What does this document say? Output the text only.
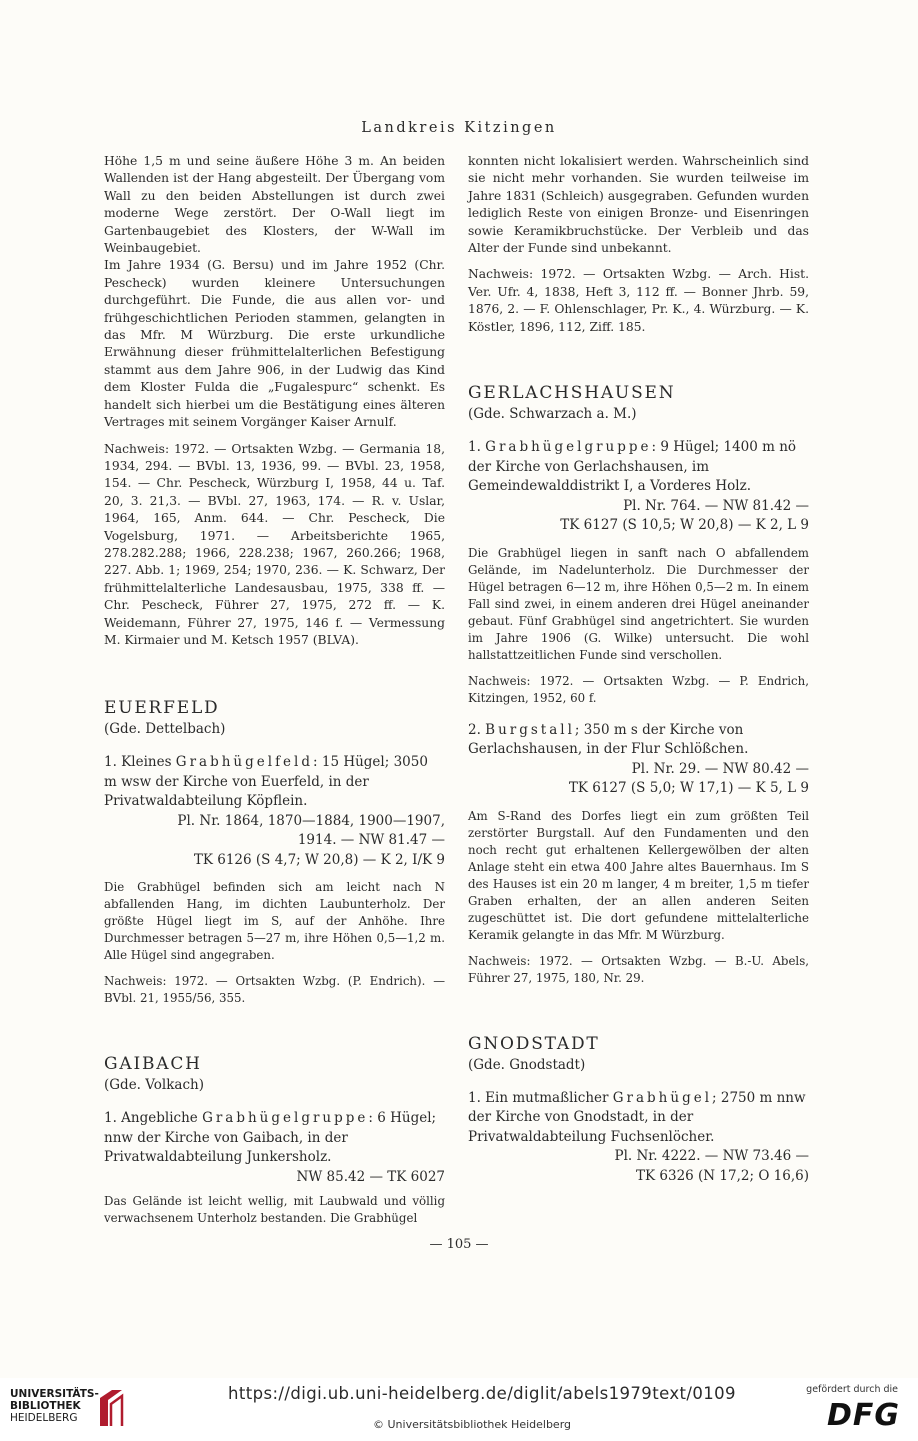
Landkreis Kitzingen

Höhe 1,5 m und seine äußere Höhe 3 m. An beiden Wallenden ist der Hang abgesteilt. Der Übergang vom Wall zu den beiden Abstellungen ist durch zwei moderne Wege zerstört. Der O-Wall liegt im Gartenbaugebiet des Klosters, der W-Wall im Weinbaugebiet.

Im Jahre 1934 (G. Bersu) und im Jahre 1952 (Chr. Pescheck) wurden kleinere Untersuchungen durchgeführt. Die Funde, die aus allen vor- und frühgeschichtlichen Perioden stammen, gelangten in das Mfr. M Würzburg. Die erste urkundliche Erwähnung dieser frühmittelalterlichen Befestigung stammt aus dem Jahre 906, in der Ludwig das Kind dem Kloster Fulda die „Fugalespurc“ schenkt. Es handelt sich hierbei um die Bestätigung eines älteren Vertrages mit seinem Vorgänger Kaiser Arnulf.

Nachweis: 1972. — Ortsakten Wzbg. — Germania 18, 1934, 294. — BVbl. 13, 1936, 99. — BVbl. 23, 1958, 154. — Chr. Pescheck, Würzburg I, 1958, 44 u. Taf. 20, 3. 21,3. — BVbl. 27, 1963, 174. — R. v. Uslar, 1964, 165, Anm. 644. — Chr. Pescheck, Die Vogelsburg, 1971. — Arbeitsberichte 1965, 278.282.288; 1966, 228.238; 1967, 260.266; 1968, 227. Abb. 1; 1969, 254; 1970, 236. — K. Schwarz, Der frühmittelalterliche Landesausbau, 1975, 338 ff. — Chr. Pescheck, Führer 27, 1975, 272 ff. — K. Weidemann, Führer 27, 1975, 146 f. — Vermessung M. Kirmaier und M. Ketsch 1957 (BLVA).

EUERFELD
(Gde. Dettelbach)

1. Kleines Grabhügelfeld: 15 Hügel; 3050 m wsw der Kirche von Euerfeld, in der Privatwaldabteilung Köpflein.

Pl. Nr. 1864, 1870—1884, 1900—1907,
1914. — NW 81.47 —
TK 6126 (S 4,7; W 20,8) — K 2, I/K 9

Die Grabhügel befinden sich am leicht nach N abfallenden Hang, im dichten Laubunterholz. Der größte Hügel liegt im S, auf der Anhöhe. Ihre Durchmesser betragen 5—27 m, ihre Höhen 0,5—1,2 m. Alle Hügel sind angegraben.

Nachweis: 1972. — Ortsakten Wzbg. (P. Endrich). — BVbl. 21, 1955/56, 355.

GAIBACH
(Gde. Volkach)

1. Angebliche Grabhügelgruppe: 6 Hügel; nnw der Kirche von Gaibach, in der Privatwaldabteilung Junkersholz.

NW 85.42 — TK 6027

Das Gelände ist leicht wellig, mit Laubwald und völlig verwachsenem Unterholz bestanden. Die Grabhügel

konnten nicht lokalisiert werden. Wahrscheinlich sind sie nicht mehr vorhanden. Sie wurden teilweise im Jahre 1831 (Schleich) ausgegraben. Gefunden wurden lediglich Reste von einigen Bronze- und Eisenringen sowie Keramikbruchstücke. Der Verbleib und das Alter der Funde sind unbekannt.

Nachweis: 1972. — Ortsakten Wzbg. — Arch. Hist. Ver. Ufr. 4, 1838, Heft 3, 112 ff. — Bonner Jhrb. 59, 1876, 2. — F. Ohlenschlager, Pr. K., 4. Würzburg. — K. Köstler, 1896, 112, Ziff. 185.

GERLACHSHAUSEN
(Gde. Schwarzach a. M.)

1. Grabhügelgruppe: 9 Hügel; 1400 m nö der Kirche von Gerlachshausen, im Gemeindewalddistrikt I, a Vorderes Holz.

Pl. Nr. 764. — NW 81.42 —
TK 6127 (S 10,5; W 20,8) — K 2, L 9

Die Grabhügel liegen in sanft nach O abfallendem Gelände, im Nadelunterholz. Die Durchmesser der Hügel betragen 6—12 m, ihre Höhen 0,5—2 m. In einem Fall sind zwei, in einem anderen drei Hügel aneinander gebaut. Fünf Grabhügel sind angetrichtert. Sie wurden im Jahre 1906 (G. Wilke) untersucht. Die wohl hallstattzeitlichen Funde sind verschollen.

Nachweis: 1972. — Ortsakten Wzbg. — P. Endrich, Kitzingen, 1952, 60 f.

2. Burgstall; 350 m s der Kirche von Gerlachshausen, in der Flur Schlößchen.

Pl. Nr. 29. — NW 80.42 —
TK 6127 (S 5,0; W 17,1) — K 5, L 9

Am S-Rand des Dorfes liegt ein zum größten Teil zerstörter Burgstall. Auf den Fundamenten und den noch recht gut erhaltenen Kellergewölben der alten Anlage steht ein etwa 400 Jahre altes Bauernhaus. Im S des Hauses ist ein 20 m langer, 4 m breiter, 1,5 m tiefer Graben erhalten, der an allen anderen Seiten zugeschüttet ist. Die dort gefundene mittelalterliche Keramik gelangte in das Mfr. M Würzburg.

Nachweis: 1972. — Ortsakten Wzbg. — B.-U. Abels, Führer 27, 1975, 180, Nr. 29.

GNODSTADT
(Gde. Gnodstadt)

1. Ein mutmaßlicher Grabhügel; 2750 m nnw der Kirche von Gnodstadt, in der Privatwaldabteilung Fuchsenlöcher.

Pl. Nr. 4222. — NW 73.46 —
TK 6326 (N 17,2; O 16,6)
— 105 —
UNIVERSITÄTS-
BIBLIOTHEK
HEIDELBERG
https://digi.ub.uni-heidelberg.de/diglit/abels1979text/0109
© Universitätsbibliothek Heidelberg
gefördert durch die
DFG
